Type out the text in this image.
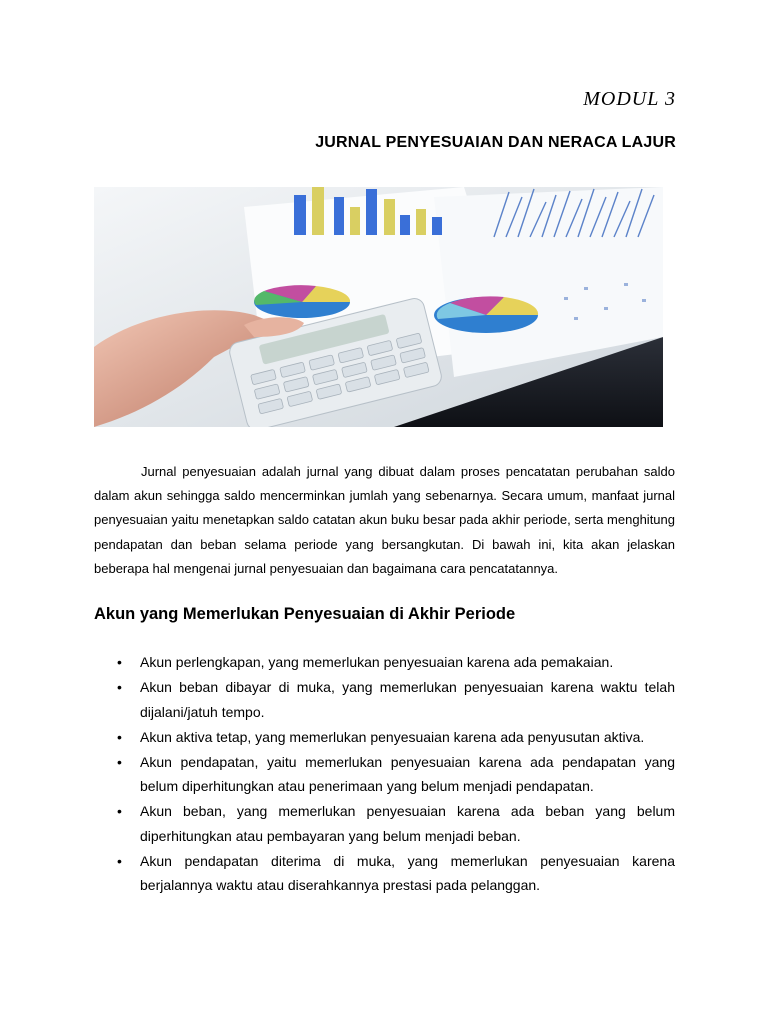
MODUL 3
JURNAL PENYESUAIAN DAN NERACA LAJUR

Jurnal penyesuaian adalah jurnal yang dibuat dalam proses pencatatan perubahan saldo dalam akun sehingga saldo mencerminkan jumlah yang sebenarnya. Secara umum, manfaat jurnal penyesuaian yaitu menetapkan saldo catatan akun buku besar pada akhir periode, serta menghitung pendapatan dan beban selama periode yang bersangkutan. Di bawah ini, kita akan jelaskan beberapa hal mengenai jurnal penyesuaian dan bagaimana cara pencatatannya.

Akun yang Memerlukan Penyesuaian di Akhir Periode
• Akun perlengkapan, yang memerlukan penyesuaian karena ada pemakaian.
• Akun beban dibayar di muka, yang memerlukan penyesuaian karena waktu telah dijalani/jatuh tempo.
• Akun aktiva tetap, yang memerlukan penyesuaian karena ada penyusutan aktiva.
• Akun pendapatan, yaitu memerlukan penyesuaian karena ada pendapatan yang belum diperhitungkan atau penerimaan yang belum menjadi pendapatan.
• Akun beban, yang memerlukan penyesuaian karena ada beban yang belum diperhitungkan atau pembayaran yang belum menjadi beban.
• Akun pendapatan diterima di muka, yang memerlukan penyesuaian karena berjalannya waktu atau diserahkannya prestasi pada pelanggan.
